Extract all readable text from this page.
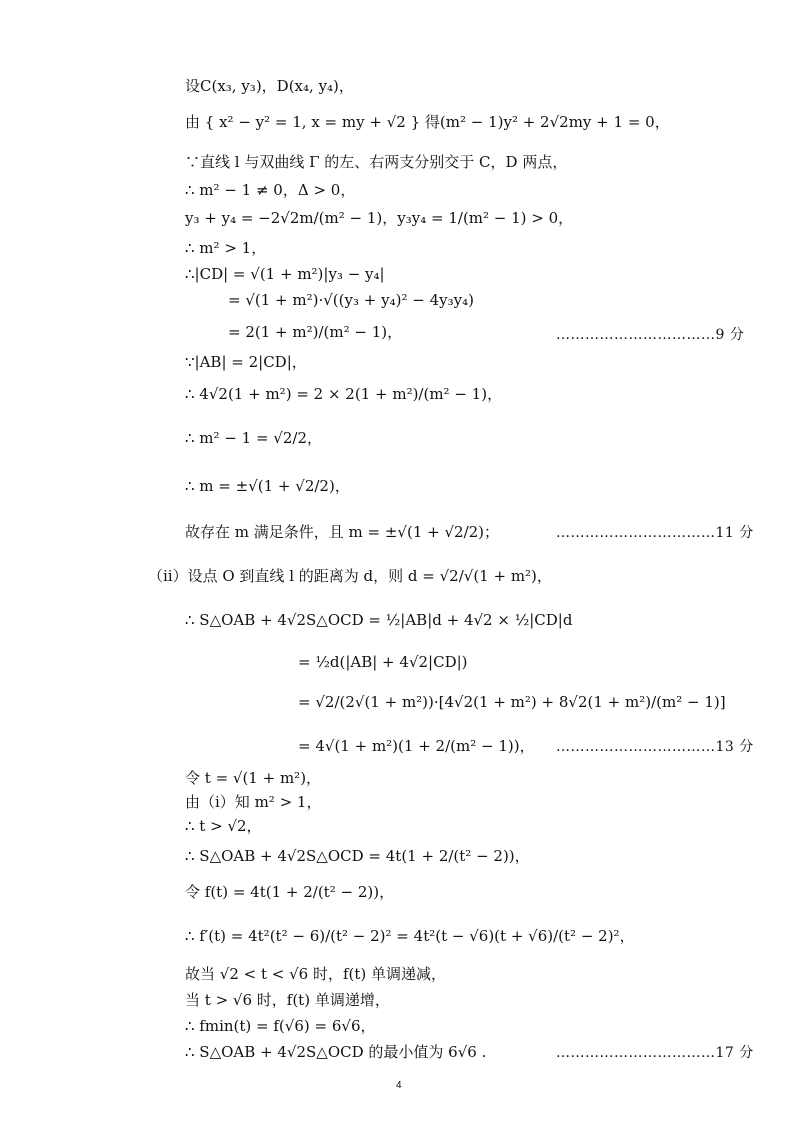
设C(x₃, y₃)，D(x₄, y₄)，
由 { x² − y² = 1, x = my + √2 } 得(m² − 1)y² + 2√2my + 1 = 0，
∵直线 l 与双曲线 Γ 的左、右两支分别交于 C，D 两点，
∴ m² − 1 ≠ 0，Δ > 0，
y₃ + y₄ = −2√2m/(m² − 1)，y₃y₄ = 1/(m² − 1) > 0，
∴ m² > 1，
∴|CD| = √(1 + m²)|y₃ − y₄|
= √(1 + m²)·√((y₃ + y₄)² − 4y₃y₄)
= 2(1 + m²)/(m² − 1)，
∵|AB| = 2|CD|，
∴ 4√2(1 + m²) = 2 × 2(1 + m²)/(m² − 1)，
∴ m² − 1 = √2/2，
∴ m = ±√(1 + √2/2)，
故存在 m 满足条件，且 m = ±√(1 + √2/2)；
（ⅱ）设点 O 到直线 l 的距离为 d，则 d = √2/√(1 + m²)，
∴ S△OAB + 4√2S△OCD = ½|AB|d + 4√2 × ½|CD|d
= ½d(|AB| + 4√2|CD|)
= √2/(2√(1 + m²))·[4√2(1 + m²) + 8√2(1 + m²)/(m² − 1)]
= 4√(1 + m²)(1 + 2/(m² − 1))，
令 t = √(1 + m²)，
由（ⅰ）知 m² > 1，
∴ t > √2，
∴ S△OAB + 4√2S△OCD = 4t(1 + 2/(t² − 2))，
令 f(t) = 4t(1 + 2/(t² − 2))，
∴ f′(t) = 4t²(t² − 6)/(t² − 2)² = 4t²(t − √6)(t + √6)/(t² − 2)²，
故当 √2 < t < √6 时，f(t) 单调递减，
当 t > √6 时，f(t) 单调递增，
∴ fmin(t) = f(√6) = 6√6，
∴ S△OAB + 4√2S△OCD 的最小值为 6√6 .
……………………………9 分
……………………………11 分
……………………………13 分
……………………………17 分
4
